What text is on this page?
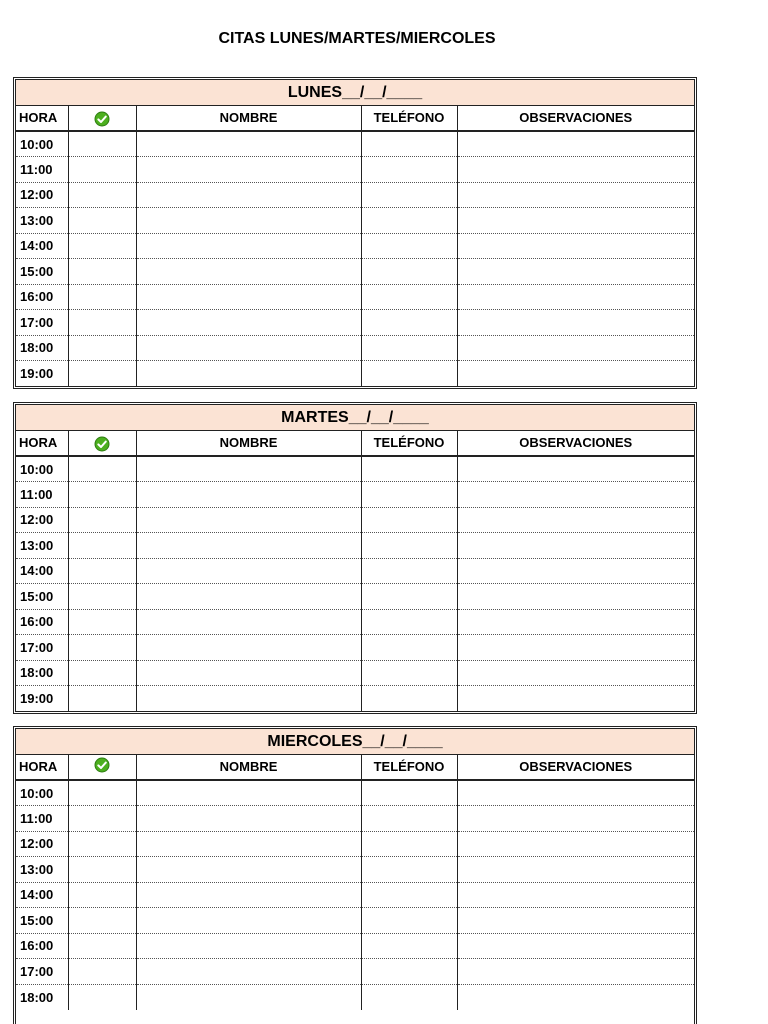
CITAS LUNES/MARTES/MIERCOLES
LUNES__/__/____
HORA		NOMBRE	TELÉFONO	OBSERVACIONES
10:00				
11:00				
12:00				
13:00				
14:00				
15:00				
16:00				
17:00				
18:00				
19:00				
MARTES__/__/____
HORA		NOMBRE	TELÉFONO	OBSERVACIONES
10:00				
11:00				
12:00				
13:00				
14:00				
15:00				
16:00				
17:00				
18:00				
19:00				
MIERCOLES__/__/____
HORA		NOMBRE	TELÉFONO	OBSERVACIONES
10:00				
11:00				
12:00				
13:00				
14:00				
15:00				
16:00				
17:00				
18:00				
